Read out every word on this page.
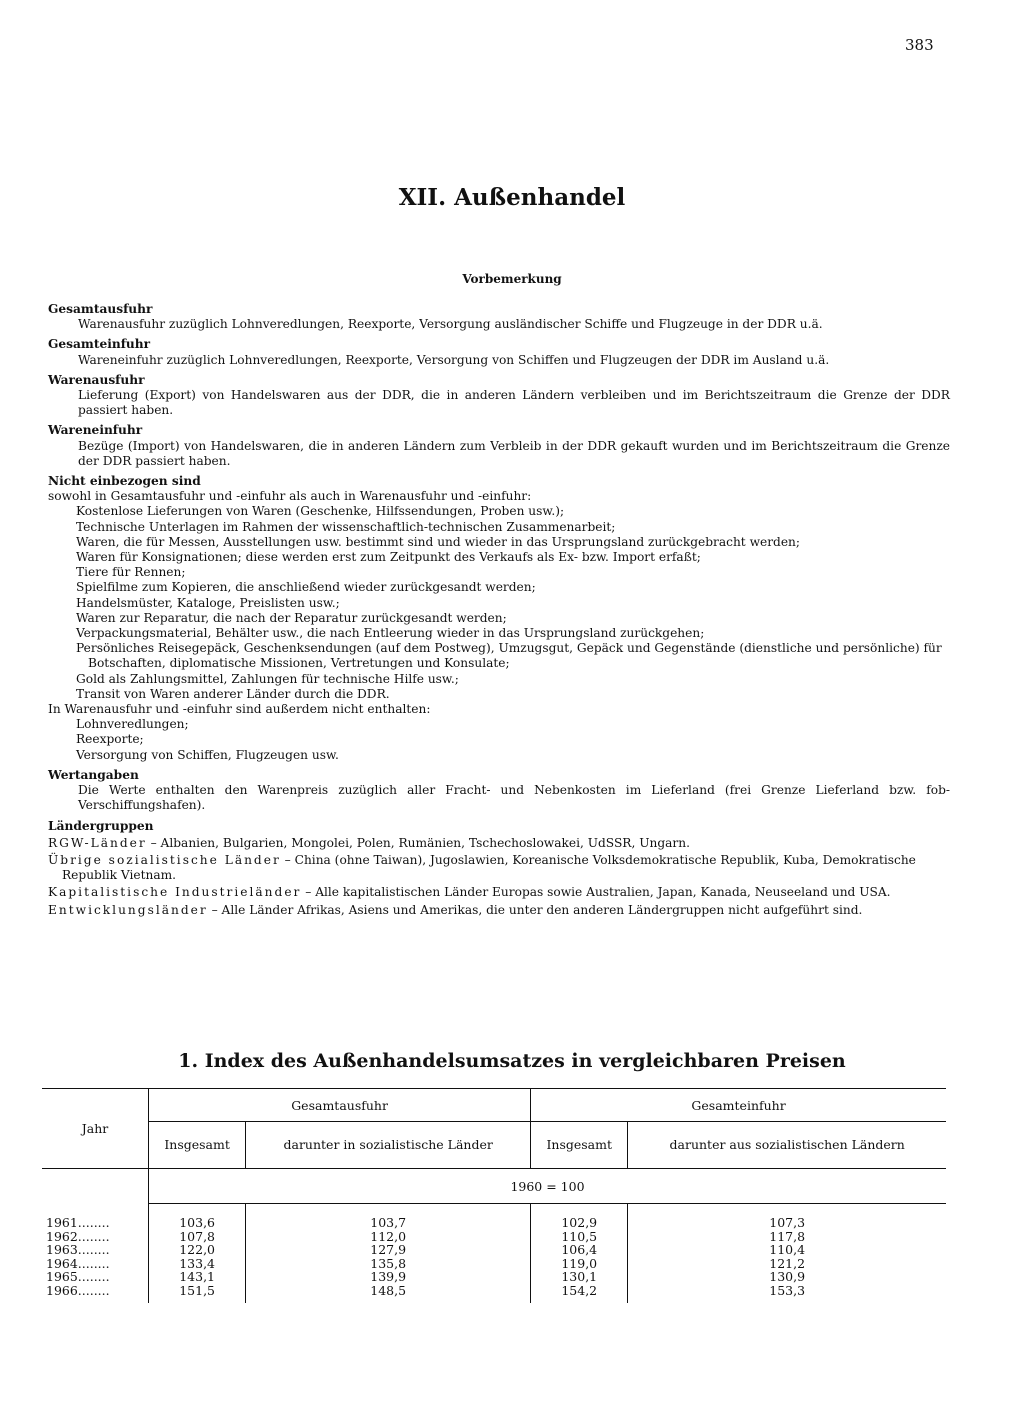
383
XII. Außenhandel
Vorbemerkung
Gesamtausfuhr
Warenausfuhr zuzüglich Lohnveredlungen, Reexporte, Versorgung ausländischer Schiffe und Flugzeuge in der DDR u.ä.
Gesamteinfuhr
Wareneinfuhr zuzüglich Lohnveredlungen, Reexporte, Versorgung von Schiffen und Flugzeugen der DDR im Ausland u.ä.
Warenausfuhr
Lieferung (Export) von Handelswaren aus der DDR, die in anderen Ländern verbleiben und im Berichtszeitraum die Grenze der DDR passiert haben.
Wareneinfuhr
Bezüge (Import) von Handelswaren, die in anderen Ländern zum Verbleib in der DDR gekauft wurden und im Berichtszeitraum die Grenze der DDR passiert haben.
Nicht einbezogen sind
sowohl in Gesamtausfuhr und -einfuhr als auch in Warenausfuhr und -einfuhr:
Kostenlose Lieferungen von Waren (Geschenke, Hilfssendungen, Proben usw.);
Technische Unterlagen im Rahmen der wissenschaftlich-technischen Zusammenarbeit;
Waren, die für Messen, Ausstellungen usw. bestimmt sind und wieder in das Ursprungsland zurückgebracht werden;
Waren für Konsignationen; diese werden erst zum Zeitpunkt des Verkaufs als Ex- bzw. Import erfaßt;
Tiere für Rennen;
Spielfilme zum Kopieren, die anschließend wieder zurückgesandt werden;
Handelsmüster, Kataloge, Preislisten usw.;
Waren zur Reparatur, die nach der Reparatur zurückgesandt werden;
Verpackungsmaterial, Behälter usw., die nach Entleerung wieder in das Ursprungsland zurückgehen;
Persönliches Reisegepäck, Geschenksendungen (auf dem Postweg), Umzugsgut, Gepäck und Gegenstände (dienstliche und persönliche) für Botschaften, diplomatische Missionen, Vertretungen und Konsulate;
Gold als Zahlungsmittel, Zahlungen für technische Hilfe usw.;
Transit von Waren anderer Länder durch die DDR.
In Warenausfuhr und -einfuhr sind außerdem nicht enthalten:
Lohnveredlungen;
Reexporte;
Versorgung von Schiffen, Flugzeugen usw.
Wertangaben
Die Werte enthalten den Warenpreis zuzüglich aller Fracht- und Nebenkosten im Lieferland (frei Grenze Lieferland bzw. fob-Verschiffungshafen).
Ländergruppen
RGW-Länder – Albanien, Bulgarien, Mongolei, Polen, Rumänien, Tschechoslowakei, UdSSR, Ungarn.
Übrige sozialistische Länder – China (ohne Taiwan), Jugoslawien, Koreanische Volksdemokratische Republik, Kuba, Demokratische Republik Vietnam.
Kapitalistische Industrieländer – Alle kapitalistischen Länder Europas sowie Australien, Japan, Kanada, Neuseeland und USA.
Entwicklungsländer – Alle Länder Afrikas, Asiens und Amerikas, die unter den anderen Ländergruppen nicht aufgeführt sind.
1. Index des Außenhandelsumsatzes in vergleichbaren Preisen
Jahr	Gesamtausfuhr		Gesamteinfuhr	
	Insgesamt	darunter in sozialistische Länder	Insgesamt	darunter aus sozialistischen Ländern
	1960 = 100			

1961........	103,6	103,7	102,9	107,3
1962........	107,8	112,0	110,5	117,8
1963........	122,0	127,9	106,4	110,4
1964........	133,4	135,8	119,0	121,2
1965........	143,1	139,9	130,1	130,9
1966........	151,5	148,5	154,2	153,3
